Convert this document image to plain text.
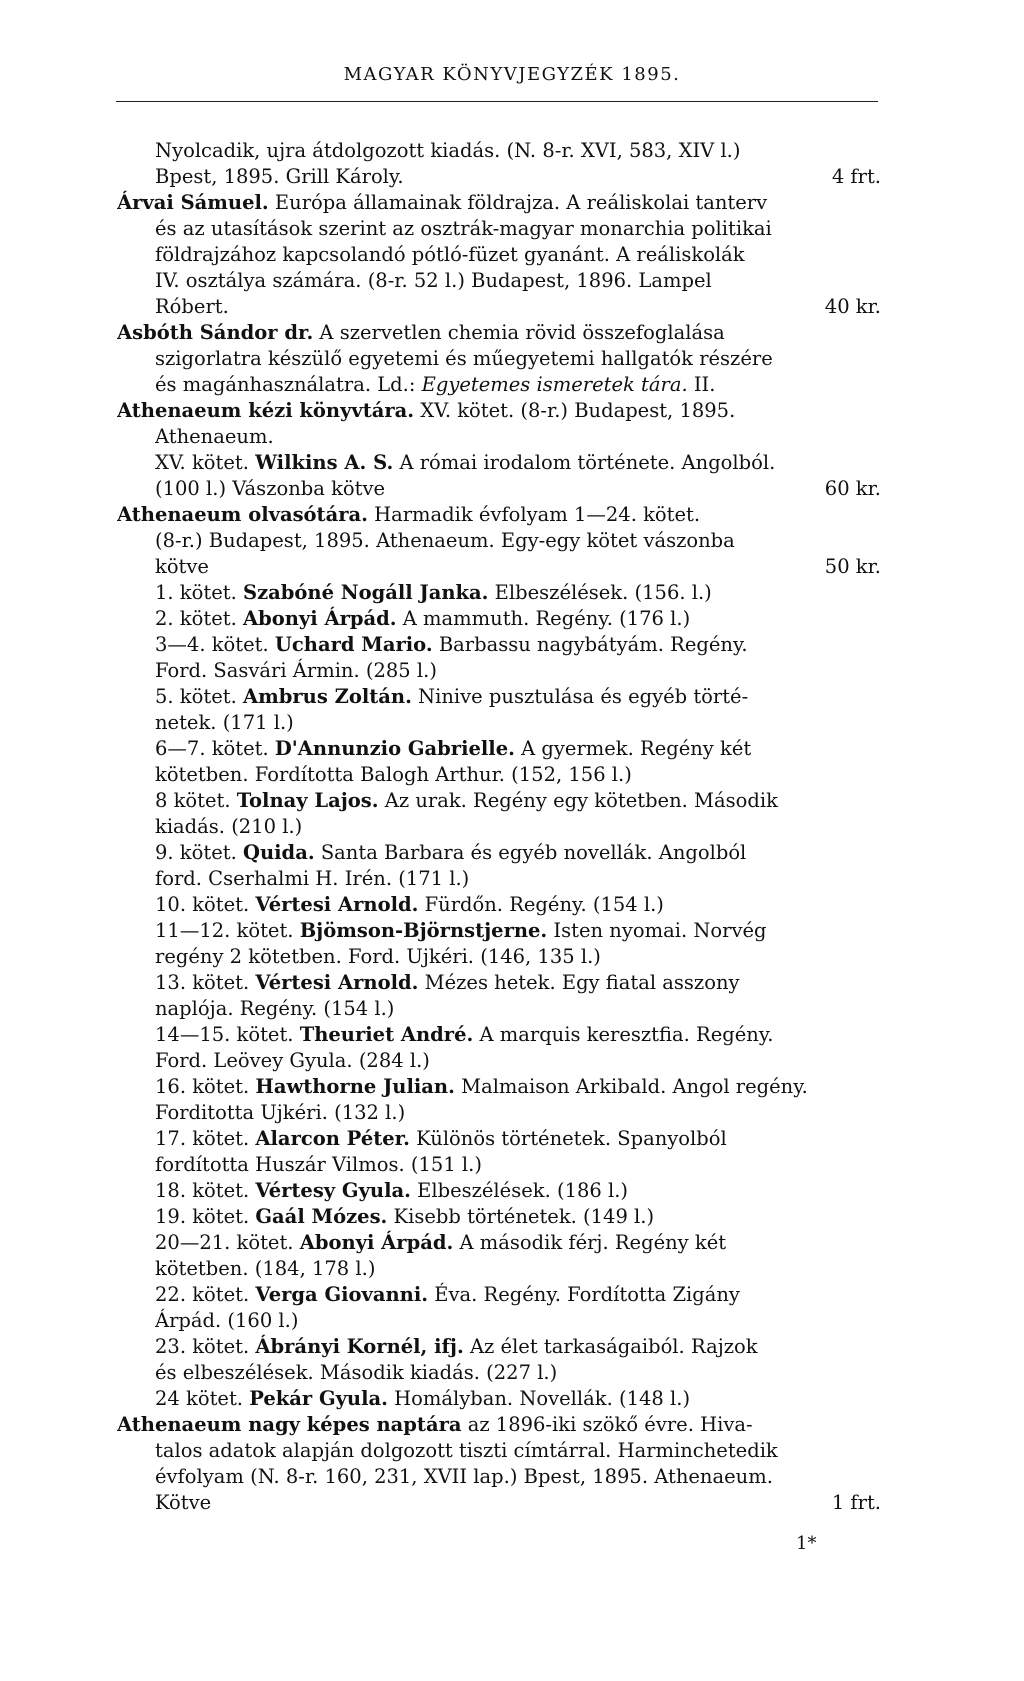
MAGYAR KÖNYVJEGYZÉK 1895.
Nyolcadik, ujra átdolgozott kiadás. (N. 8-r. XVI, 583, XIV l.)
Bpest, 1895. Grill Károly.	4 frt.
Árvai Sámuel. Európa államainak földrajza. A reáliskolai tanterv
és az utasítások szerint az osztrák-magyar monarchia politikai
földrajzához kapcsolandó pótló-füzet gyanánt. A reáliskolák
IV. osztálya számára. (8-r. 52 l.) Budapest, 1896. Lampel
Róbert.	40 kr.
Asbóth Sándor dr. A szervetlen chemia rövid összefoglalása
szigorlatra készülő egyetemi és műegyetemi hallgatók részére
és magánhasználatra. Ld.: Egyetemes ismeretek tára. II.
Athenaeum kézi könyvtára. XV. kötet. (8-r.) Budapest, 1895.
Athenaeum.
XV. kötet. Wilkins A. S. A római irodalom története. Angolból.
(100 l.) Vászonba kötve	60 kr.
Athenaeum olvasótára. Harmadik évfolyam 1—24. kötet.
(8-r.) Budapest, 1895. Athenaeum. Egy-egy kötet vászonba
kötve	50 kr.
1. kötet. Szabóné Nogáll Janka. Elbeszélések. (156. l.)
2. kötet. Abonyi Árpád. A mammuth. Regény. (176 l.)
3—4. kötet. Uchard Mario. Barbassu nagybátyám. Regény.
Ford. Sasvári Ármin. (285 l.)
5. kötet. Ambrus Zoltán. Ninive pusztulása és egyéb törté-
netek. (171 l.)
6—7. kötet. D'Annunzio Gabrielle. A gyermek. Regény két
kötetben. Fordította Balogh Arthur. (152, 156 l.)
8 kötet. Tolnay Lajos. Az urak. Regény egy kötetben. Második
kiadás. (210 l.)
9. kötet. Quida. Santa Barbara és egyéb novellák. Angolból
ford. Cserhalmi H. Irén. (171 l.)
10. kötet. Vértesi Arnold. Fürdőn. Regény. (154 l.)
11—12. kötet. Bjömson-Björnstjerne. Isten nyomai. Norvég
regény 2 kötetben. Ford. Ujkéri. (146, 135 l.)
13. kötet. Vértesi Arnold. Mézes hetek. Egy fiatal asszony
naplója. Regény. (154 l.)
14—15. kötet. Theuriet André. A marquis keresztfia. Regény.
Ford. Leövey Gyula. (284 l.)
16. kötet. Hawthorne Julian. Malmaison Arkibald. Angol regény.
Forditotta Ujkéri. (132 l.)
17. kötet. Alarcon Péter. Különös történetek. Spanyolból
fordította Huszár Vilmos. (151 l.)
18. kötet. Vértesy Gyula. Elbeszélések. (186 l.)
19. kötet. Gaál Mózes. Kisebb történetek. (149 l.)
20—21. kötet. Abonyi Árpád. A második férj. Regény két
kötetben. (184, 178 l.)
22. kötet. Verga Giovanni. Éva. Regény. Fordította Zigány
Árpád. (160 l.)
23. kötet. Ábrányi Kornél, ifj. Az élet tarkaságaiból. Rajzok
és elbeszélések. Második kiadás. (227 l.)
24 kötet. Pekár Gyula. Homályban. Novellák. (148 l.)
Athenaeum nagy képes naptára az 1896-iki szökő évre. Hiva-
talos adatok alapján dolgozott tiszti címtárral. Harminchetedik
évfolyam (N. 8-r. 160, 231, XVII lap.) Bpest, 1895. Athenaeum.
Kötve	1 frt.
1*
